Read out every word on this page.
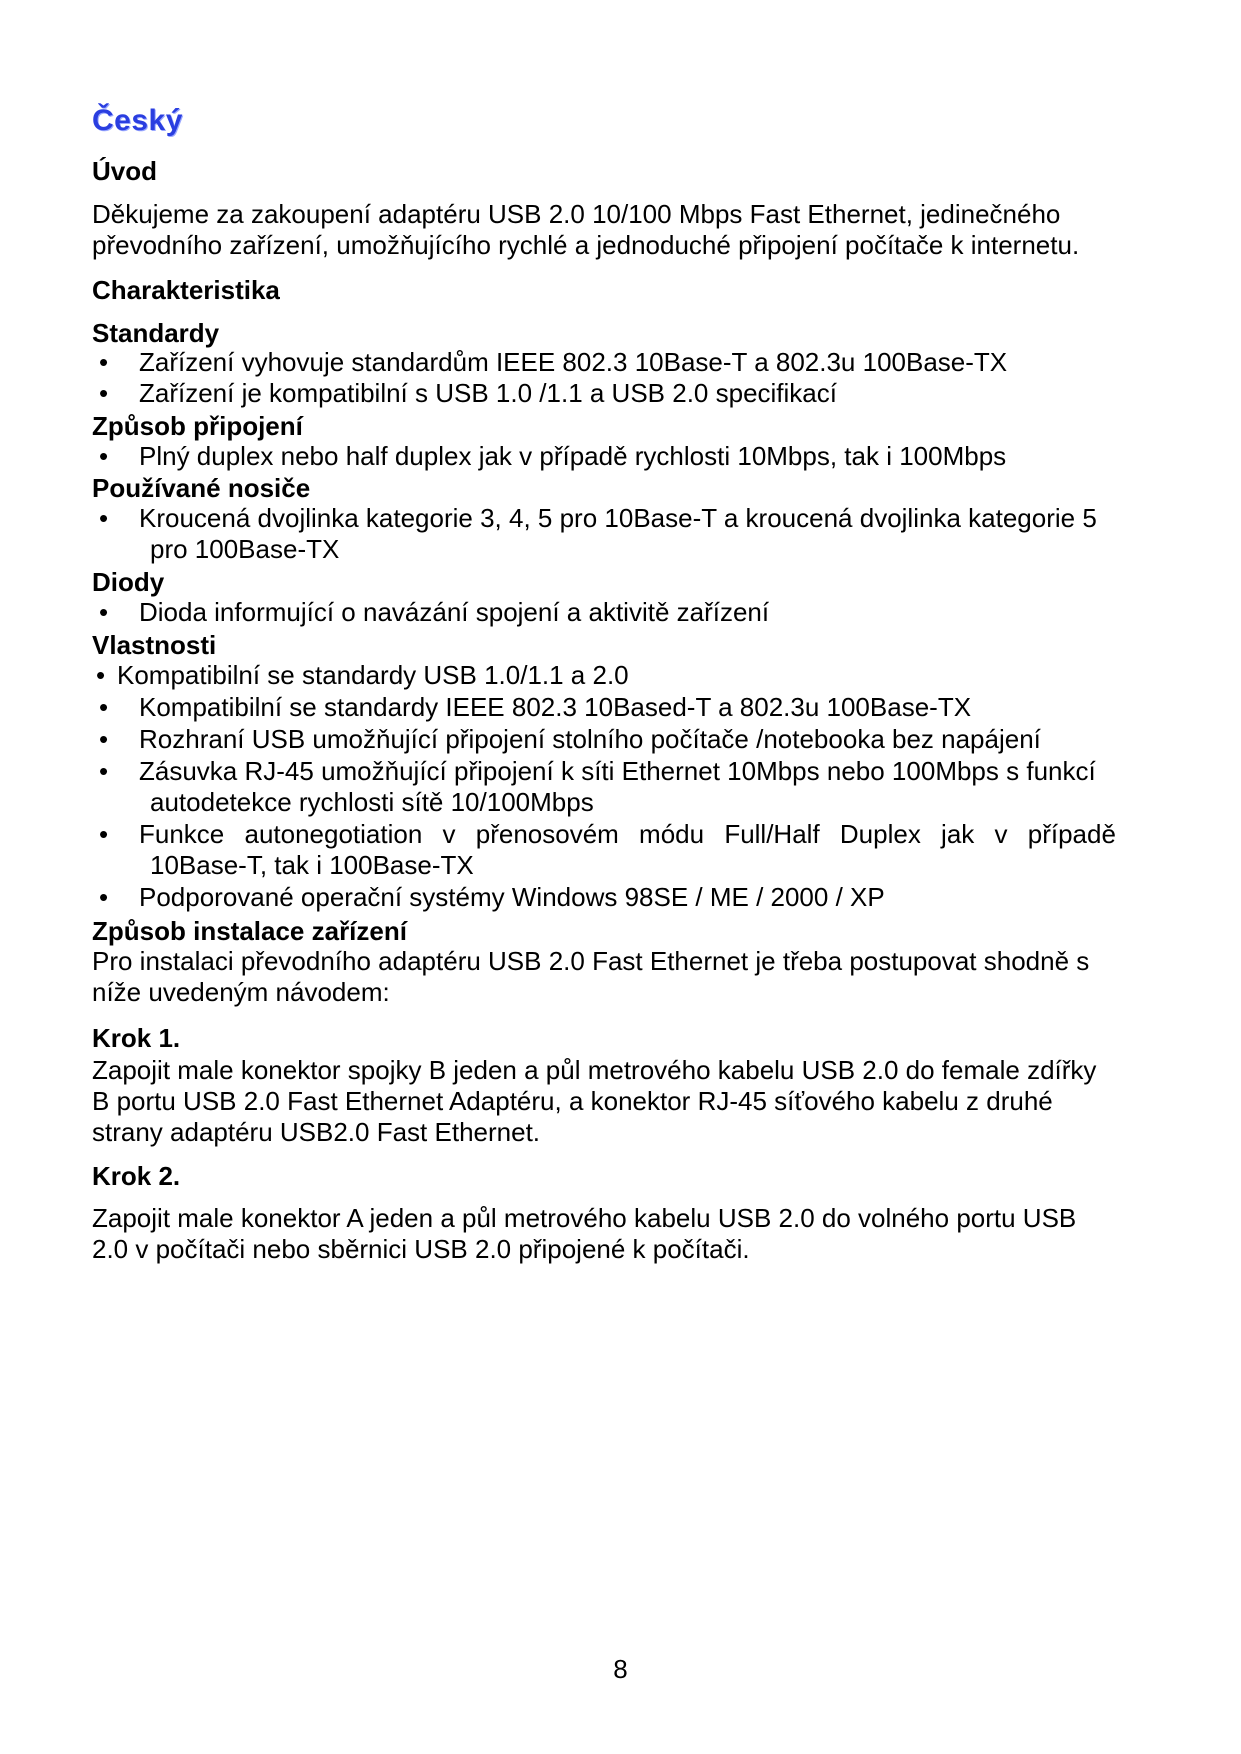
Český
Úvod
Děkujeme za zakoupení adaptéru USB 2.0 10/100 Mbps Fast Ethernet, jedinečného
převodního zařízení, umožňujícího rychlé a jednoduché připojení počítače k internetu.
Charakteristika
Standardy
• Zařízení vyhovuje standardům IEEE 802.3 10Base-T a 802.3u 100Base-TX
• Zařízení je kompatibilní s USB 1.0 /1.1 a USB 2.0 specifikací
Způsob připojení
• Plný duplex nebo half duplex jak v případě rychlosti 10Mbps, tak i 100Mbps
Používané nosiče
• Kroucená dvojlinka kategorie 3, 4, 5 pro 10Base-T a kroucená dvojlinka kategorie 5
pro 100Base-TX
Diody
• Dioda informující o navázání spojení a aktivitě zařízení
Vlastnosti
• Kompatibilní se standardy USB 1.0/1.1 a 2.0
• Kompatibilní se standardy IEEE 802.3 10Based-T a 802.3u 100Base-TX
• Rozhraní USB umožňující připojení stolního počítače /notebooka bez napájení
• Zásuvka RJ-45 umožňující připojení k síti Ethernet 10Mbps nebo 100Mbps s funkcí
autodetekce rychlosti sítě 10/100Mbps
• Funkce autonegotiation v přenosovém módu Full/Half Duplex jak v případě
10Base-T, tak i 100Base-TX
• Podporované operační systémy Windows 98SE / ME / 2000 / XP
Způsob instalace zařízení
Pro instalaci převodního adaptéru USB 2.0 Fast Ethernet je třeba postupovat shodně s
níže uvedeným návodem:
Krok 1.
Zapojit male konektor spojky B jeden a půl metrového kabelu USB 2.0 do female zdířky
B portu USB 2.0 Fast Ethernet Adaptéru, a konektor RJ-45 síťového kabelu z druhé
strany adaptéru USB2.0 Fast Ethernet.
Krok 2.
Zapojit male konektor A jeden a půl metrového kabelu USB 2.0 do volného portu USB
2.0 v počítači nebo sběrnici USB 2.0 připojené k počítači.
8
